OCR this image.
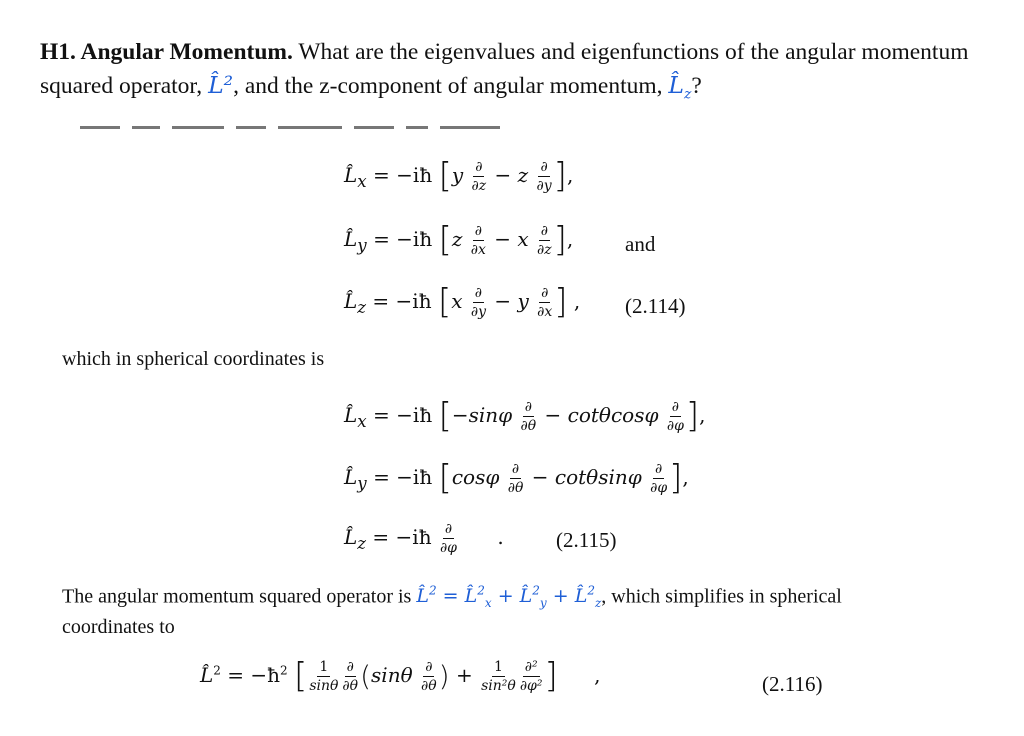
H1. Angular Momentum. What are the eigenvalues and eigenfunctions of the angular momentum squared operator, L̂², and the z-component of angular momentum, $L̂_z$?
$L̂_x$ = −iħ [$y \frac{\partial}{\partial z} - z \frac{\partial}{\partial y}$ ],
$L̂_y$ = −iħ [$z \frac{\partial}{\partial x} - x \frac{\partial}{\partial z}$ ], and
$L̂_z$ = −iħ [$x \frac{\partial}{\partial y} - y \frac{\partial}{\partial x}$ ] , (2.114)
which in spherical coordinates is
$L̂_x$ = −iħ [$-\sin\varphi \frac{\partial}{\partial\theta} - \cot\theta\cos\varphi \frac{\partial}{\partial\varphi}$ ],
$L̂_y$ = −iħ [$\cos\varphi \frac{\partial}{\partial\theta} - \cot\theta\sin\varphi \frac{\partial}{\partial\varphi}$ ],
$L̂_z$ = −iħ $\frac{\partial}{\partial\varphi}$ . (2.115)
The angular momentum squared operator is L̂$^2$ = L̂$^2_x$ + L̂$^2_y$ + L̂$^2_z$, which simplifies in spherical
coordinates to
L̂$^2$ = $-ħ^2$ [ $\frac{1}{\sin\theta} \frac{\partial}{\partial\theta} (\sin\theta \frac{\partial}{\partial\theta}$ ) + $\frac{1}{\text{sin²θ}} \frac{\text{∂²}}{\text{∂φ²}}$ ] ,	(2.116)
